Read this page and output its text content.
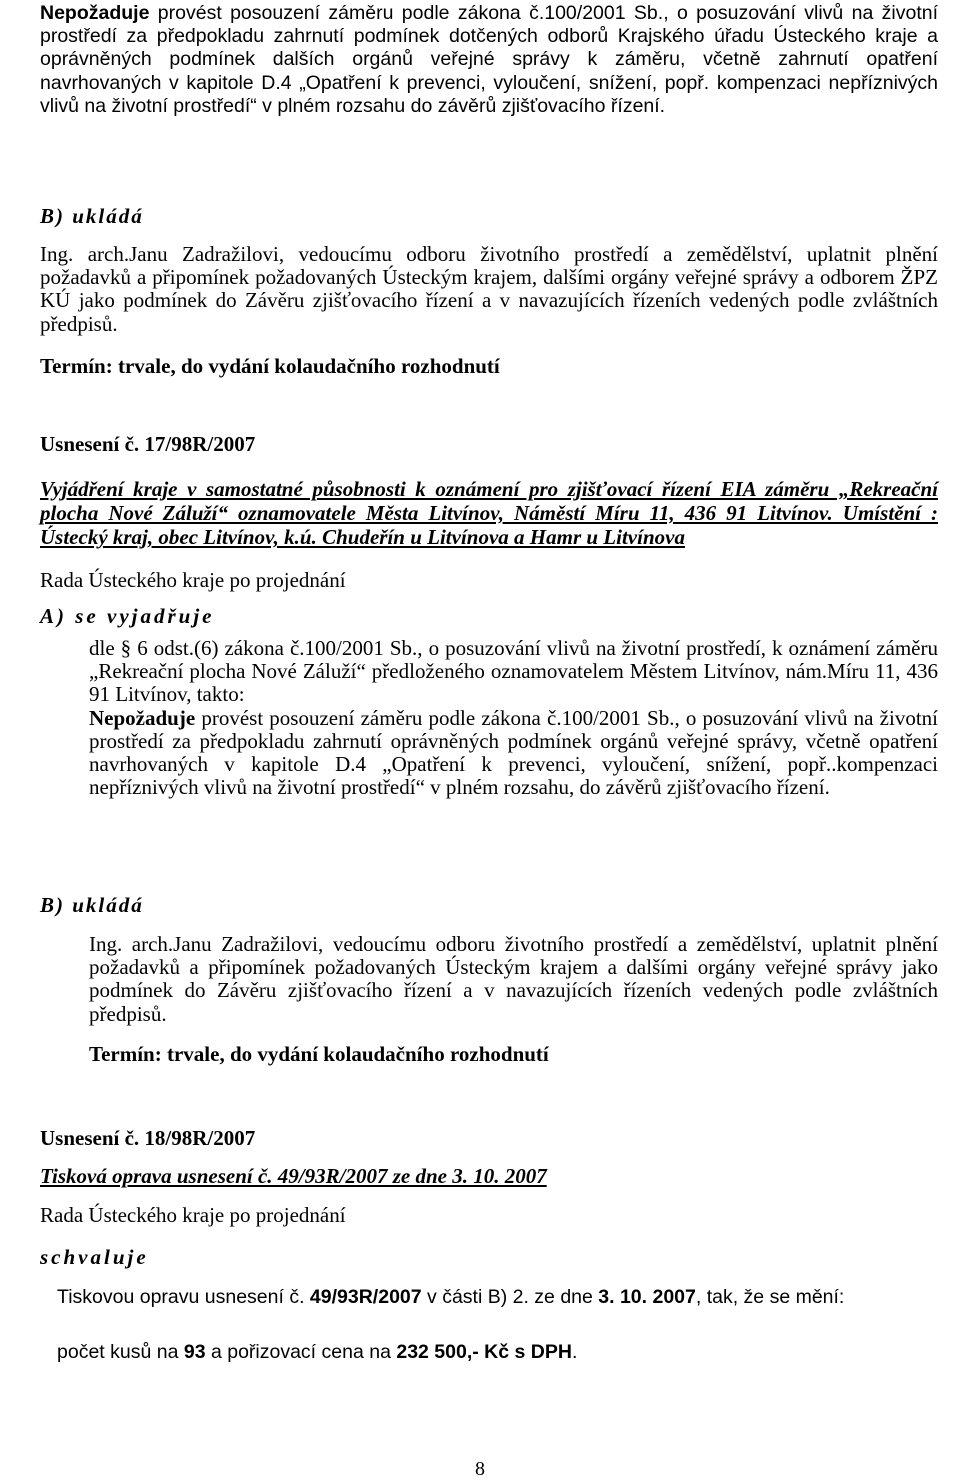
Nepožaduje provést posouzení záměru podle zákona č.100/2001 Sb., o posuzování vlivů na životní prostředí za předpokladu zahrnutí podmínek dotčených odborů Krajského úřadu Ústeckého kraje a oprávněných podmínek dalších orgánů veřejné správy k záměru, včetně zahrnutí opatření navrhovaných v kapitole D.4 „Opatření k prevenci, vyloučení, snížení, popř. kompenzaci nepříznivých vlivů na životní prostředí“ v plném rozsahu do závěrů zjišťovacího řízení.
B) ukládá
Ing. arch.Janu Zadražilovi, vedoucímu odboru životního prostředí a zemědělství, uplatnit plnění požadavků a připomínek požadovaných Ústeckým krajem, dalšími orgány veřejné správy a odborem ŽPZ KÚ jako podmínek do Závěru zjišťovacího řízení a v navazujících řízeních vedených podle zvláštních předpisů.
Termín: trvale, do vydání kolaudačního rozhodnutí
Usnesení č. 17/98R/2007
Vyjádření kraje v samostatné působnosti k oznámení pro zjišťovací řízení EIA záměru „Rekreační plocha Nové Záluží“ oznamovatele Města Litvínov, Náměstí Míru 11, 436 91 Litvínov. Umístění : Ústecký kraj, obec Litvínov, k.ú. Chudeřín u Litvínova a Hamr u Litvínova
Rada Ústeckého kraje po projednání
A) se vyjadřuje
dle § 6 odst.(6) zákona č.100/2001 Sb., o posuzování vlivů na životní prostředí, k oznámení záměru „Rekreační plocha Nové Záluží“ předloženého oznamovatelem Městem Litvínov, nám.Míru 11, 436 91 Litvínov, takto:
Nepožaduje provést posouzení záměru podle zákona č.100/2001 Sb., o posuzování vlivů na životní prostředí za předpokladu zahrnutí oprávněných podmínek orgánů veřejné správy, včetně opatření navrhovaných v kapitole D.4 „Opatření k prevenci, vyloučení, snížení, popř..kompenzaci nepříznivých vlivů na životní prostředí“ v plném rozsahu, do závěrů zjišťovacího řízení.
B) ukládá
Ing. arch.Janu Zadražilovi, vedoucímu odboru životního prostředí a zemědělství, uplatnit plnění požadavků a připomínek požadovaných Ústeckým krajem a dalšími orgány veřejné správy jako podmínek do Závěru zjišťovacího řízení a v navazujících řízeních vedených podle zvláštních předpisů.
Termín: trvale, do vydání kolaudačního rozhodnutí
Usnesení č. 18/98R/2007
Tisková oprava usnesení č. 49/93R/2007 ze dne 3. 10. 2007
Rada Ústeckého kraje po projednání
schvaluje
Tiskovou opravu usnesení č. 49/93R/2007 v části B) 2. ze dne 3. 10. 2007, tak, že se mění:
počet kusů na 93 a pořizovací cena na 232 500,- Kč s DPH.
8
